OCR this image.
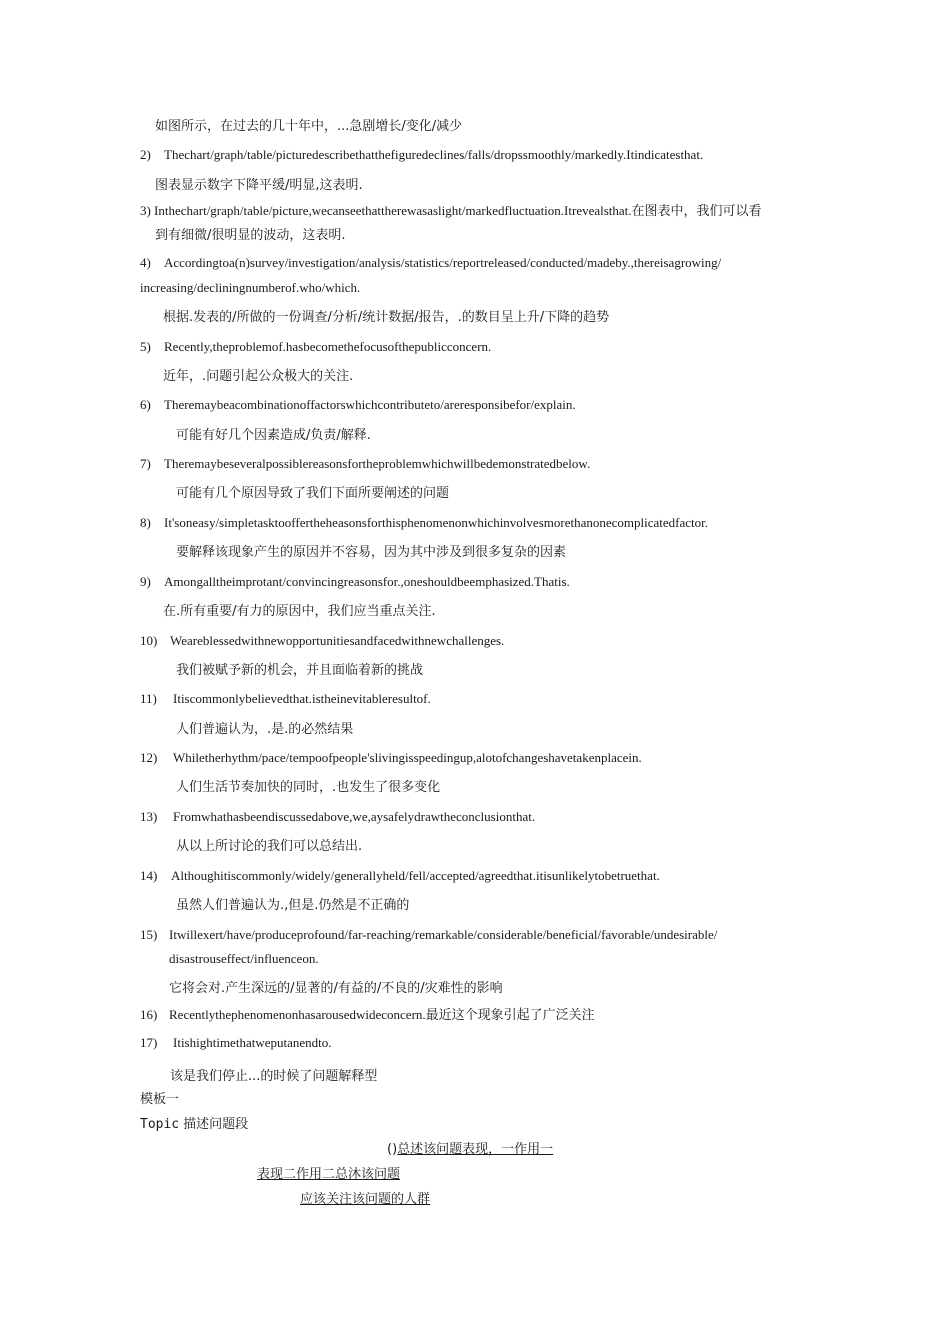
如图所示，在过去的几十年中，...急剧增长/变化/减少
2) Thechart/graph/table/picturedescribethatthefiguredeclines/falls/dropssmoothly/markedly.Itindicatesthat.
图表显示数字下降平缓/明显,这表明.
3) Inthechart/graph/table/picture,wecanseethattherewasaslight/markedfluctuation.Itrevealsthat.在图表中，我们可以看
到有细微/很明显的波动，这表明.
4) Accordingtoa(n)survey/investigation/analysis/statistics/reportreleased/conducted/madeby.,thereisagrowing/
increasing/decliningnumberof.who/which.
根据.发表的/所做的一份调查/分析/统计数据/报告，.的数目呈上升/下降的趋势
5) Recently,theproblemof.hasbecomethefocusofthepublicconcern.
近年，.问题引起公众极大的关注.
6) Theremaybeacombinationoffactorswhichcontributeto/areresponsibefor/explain.
可能有好几个因素造成/负责/解释.
7) Theremaybeseveralpossiblereasonsfortheproblemwhichwillbedemonstratedbelow.
可能有几个原因导致了我们下面所要阐述的问题
8) It'soneasy/simpletasktooffertheheasonsforthisphenomenonwhichinvolvesmorethanonecomplicatedfactor.
要解释该现象产生的原因并不容易，因为其中涉及到很多复杂的因素
9) Amongalltheimprotant/convincingreasonsfor.,oneshouldbeemphasized.Thatis.
在.所有重要/有力的原因中，我们应当重点关注.
10) Weareblessedwithnewopportunitiesandfacedwithnewchallenges.
我们被赋予新的机会，并且面临着新的挑战
11) Itiscommonlybelievedthat.istheinevitableresultof.
人们普遍认为，.是.的必然结果
12) Whiletherhythm/pace/tempoofpeople'slivingisspeedingup,alotofchangeshavetakenplacein.
人们生活节奏加快的同时，.也发生了很多变化
13) Fromwhathasbeendiscussedabove,we,aysafelydrawtheconclusionthat.
从以上所讨论的我们可以总结出.
14) Althoughitiscommonly/widely/generallyheld/fell/accepted/agreedthat.itisunlikelytobetruethat.
虽然人们普遍认为.,但是.仍然是不正确的
15) Itwillexert/have/produceprofound/far-reaching/remarkable/considerable/beneficial/favorable/undesirable/
disastrouseffect/influenceon.
它将会对.产生深远的/显著的/有益的/不良的/灾难性的影响
16) Recentlythephenomenonhasarousedwideconcern.最近这个现象引起了广泛关注
17) Itishightimethatweputanendto.
该是我们停止...的时候了问题解释型
模板一
Topic 描述问题段
()总述该问题表现，一作用一
表现二作用二总沐该问题
应该关注该问题的人群
